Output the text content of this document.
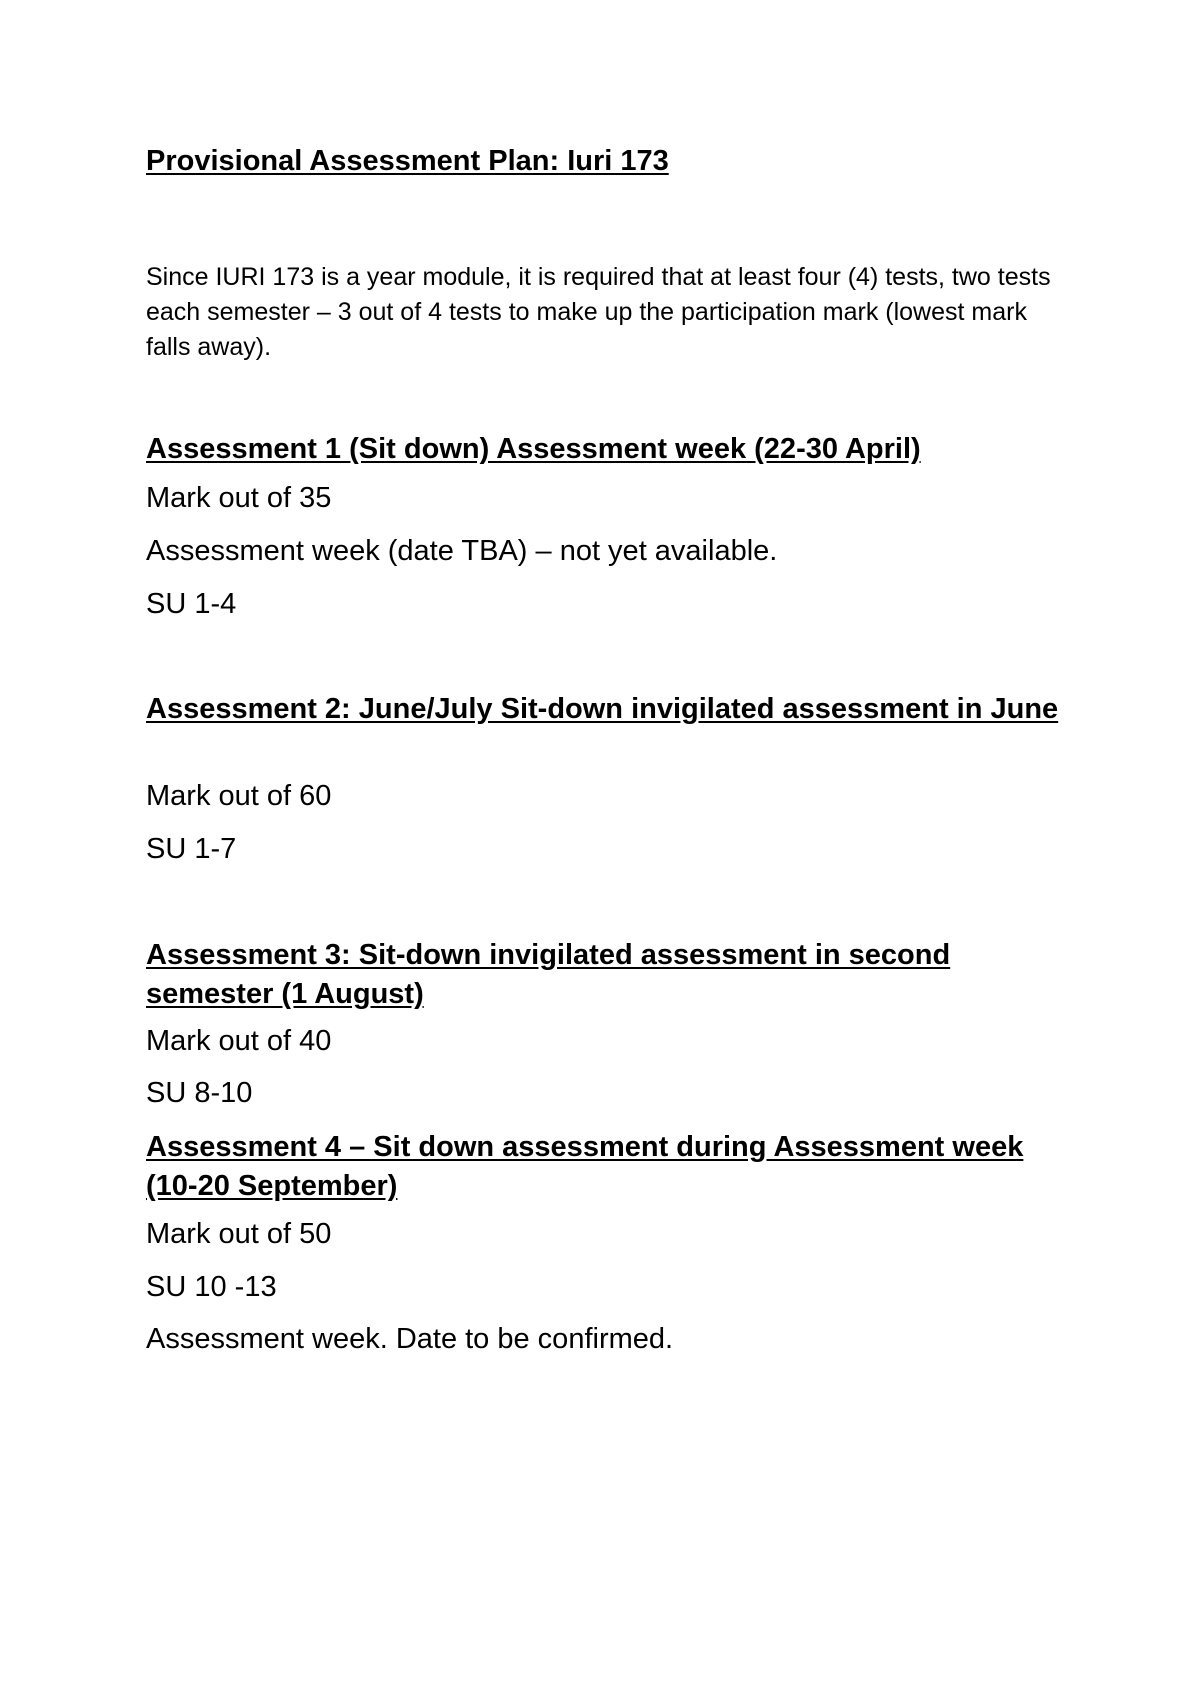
Provisional Assessment Plan: Iuri 173

Since IURI 173 is a year module, it is required that at least four (4) tests, two tests each semester – 3 out of 4 tests to make up the participation mark (lowest mark falls away).

Assessment 1 (Sit down) Assessment week (22-30 April)

Mark out of 35

Assessment week (date TBA) – not yet available.

SU 1-4

Assessment 2: June/July Sit-down invigilated assessment in June

Mark out of 60

SU 1-7

Assessment 3: Sit-down invigilated assessment in second semester (1 August)

Mark out of 40

SU 8-10

Assessment 4 – Sit down assessment during Assessment week (10-20 September)

Mark out of 50

SU 10 -13

Assessment week. Date to be confirmed.
